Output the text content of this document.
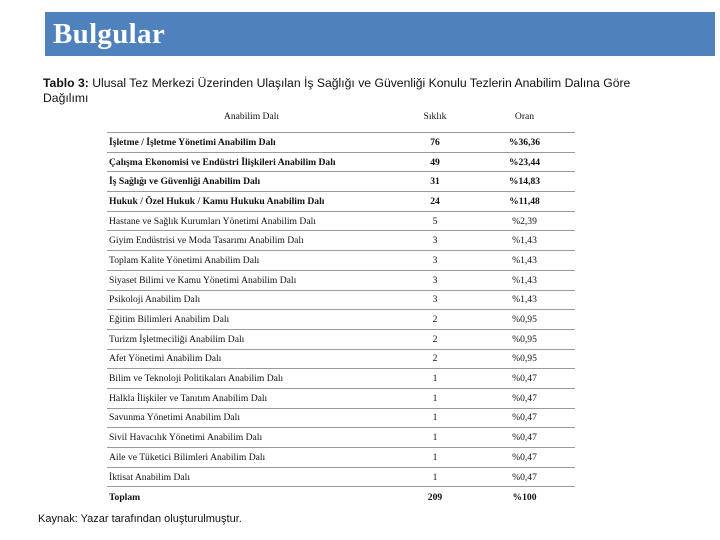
Bulgular
Tablo 3: Ulusal Tez Merkezi Üzerinden Ulaşılan İş Sağlığı ve Güvenliği Konulu Tezlerin Anabilim Dalına Göre Dağılımı
Anabilim Dalı	Sıklık	Oran
İşletme / İşletme Yönetimi Anabilim Dalı	76	%36,36
Çalışma Ekonomisi ve Endüstri İlişkileri Anabilim Dalı	49	%23,44
İş Sağlığı ve Güvenliği Anabilim Dalı	31	%14,83
Hukuk / Özel Hukuk / Kamu Hukuku Anabilim Dalı	24	%11,48
Hastane ve Sağlık Kurumları Yönetimi Anabilim Dalı	5	%2,39
Giyim Endüstrisi ve Moda Tasarımı Anabilim Dalı	3	%1,43
Toplam Kalite Yönetimi Anabilim Dalı	3	%1,43
Siyaset Bilimi ve Kamu Yönetimi Anabilim Dalı	3	%1,43
Psikoloji Anabilim Dalı	3	%1,43
Eğitim Bilimleri Anabilim Dalı	2	%0,95
Turizm İşletmeciliği Anabilim Dalı	2	%0,95
Afet Yönetimi Anabilim Dalı	2	%0,95
Bilim ve Teknoloji Politikaları Anabilim Dalı	1	%0,47
Halkla İlişkiler ve Tanıtım Anabilim Dalı	1	%0,47
Savunma Yönetimi Anabilim Dalı	1	%0,47
Sivil Havacılık Yönetimi Anabilim Dalı	1	%0,47
Aile ve Tüketici Bilimleri Anabilim Dalı	1	%0,47
İktisat Anabilim Dalı	1	%0,47
Toplam	209	%100
Kaynak: Yazar tarafından oluşturulmuştur.
